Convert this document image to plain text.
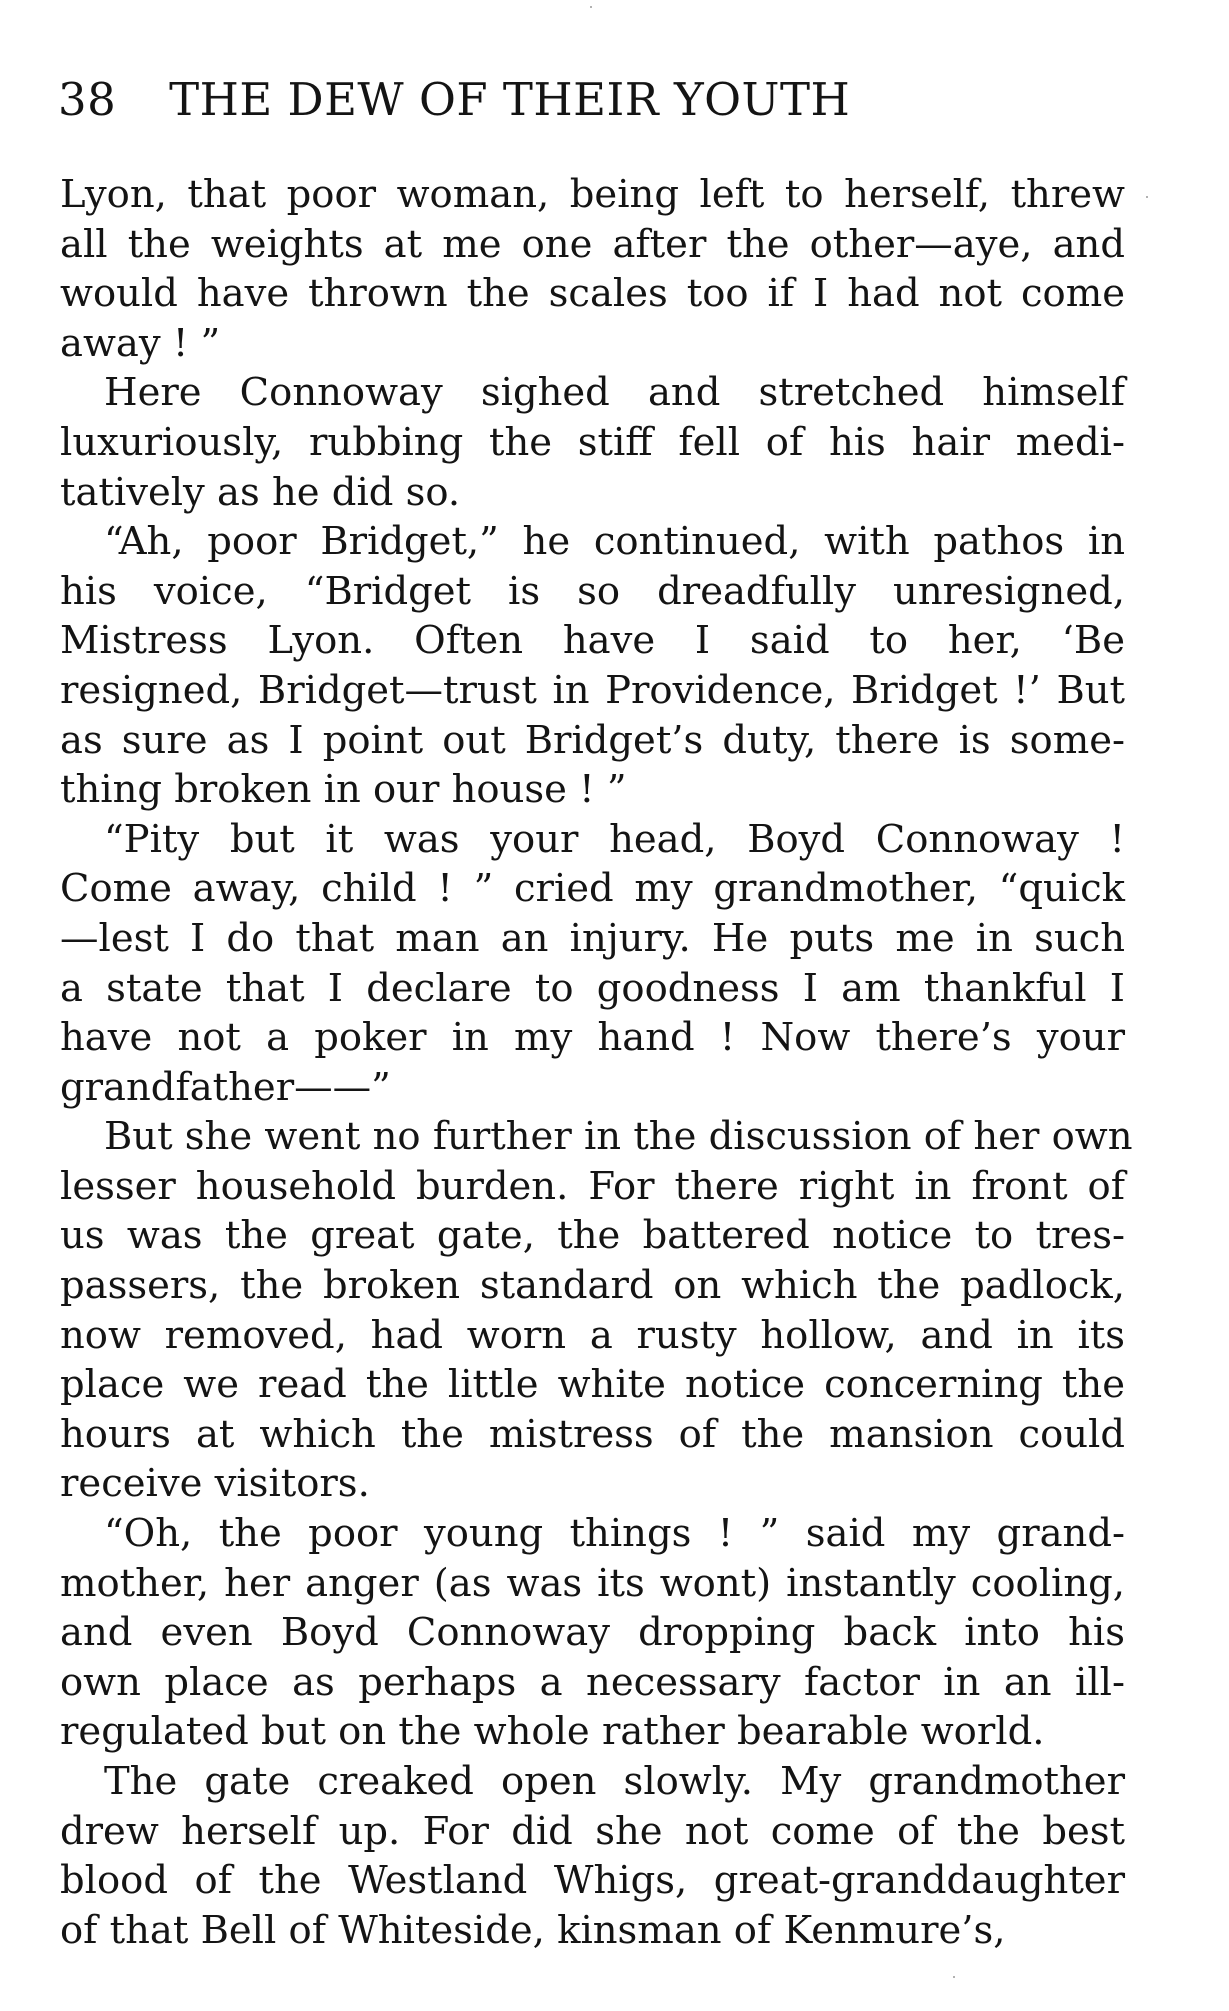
38 THE DEW OF THEIR YOUTH
Lyon, that poor woman, being left to herself, threw
all the weights at me one after the other—aye, and
would have thrown the scales too if I had not come
away ! ”
Here Connoway sighed and stretched himself
luxuriously, rubbing the stiff fell of his hair medi-
tatively as he did so.
“Ah, poor Bridget,” he continued, with pathos in
his voice, “Bridget is so dreadfully unresigned,
Mistress Lyon. Often have I said to her, ‘Be
resigned, Bridget—trust in Providence, Bridget !’ But
as sure as I point out Bridget’s duty, there is some-
thing broken in our house ! ”
“Pity but it was your head, Boyd Connoway !
Come away, child ! ” cried my grandmother, “quick
—lest I do that man an injury. He puts me in such
a state that I declare to goodness I am thankful I
have not a poker in my hand ! Now there’s your
grandfather——”
But she went no further in the discussion of her own
lesser household burden. For there right in front of
us was the great gate, the battered notice to tres-
passers, the broken standard on which the padlock,
now removed, had worn a rusty hollow, and in its
place we read the little white notice concerning the
hours at which the mistress of the mansion could
receive visitors.
“Oh, the poor young things ! ” said my grand-
mother, her anger (as was its wont) instantly cooling,
and even Boyd Connoway dropping back into his
own place as perhaps a necessary factor in an ill-
regulated but on the whole rather bearable world.
The gate creaked open slowly. My grandmother
drew herself up. For did she not come of the best
blood of the Westland Whigs, great-granddaughter
of that Bell of Whiteside, kinsman of Kenmure’s,
